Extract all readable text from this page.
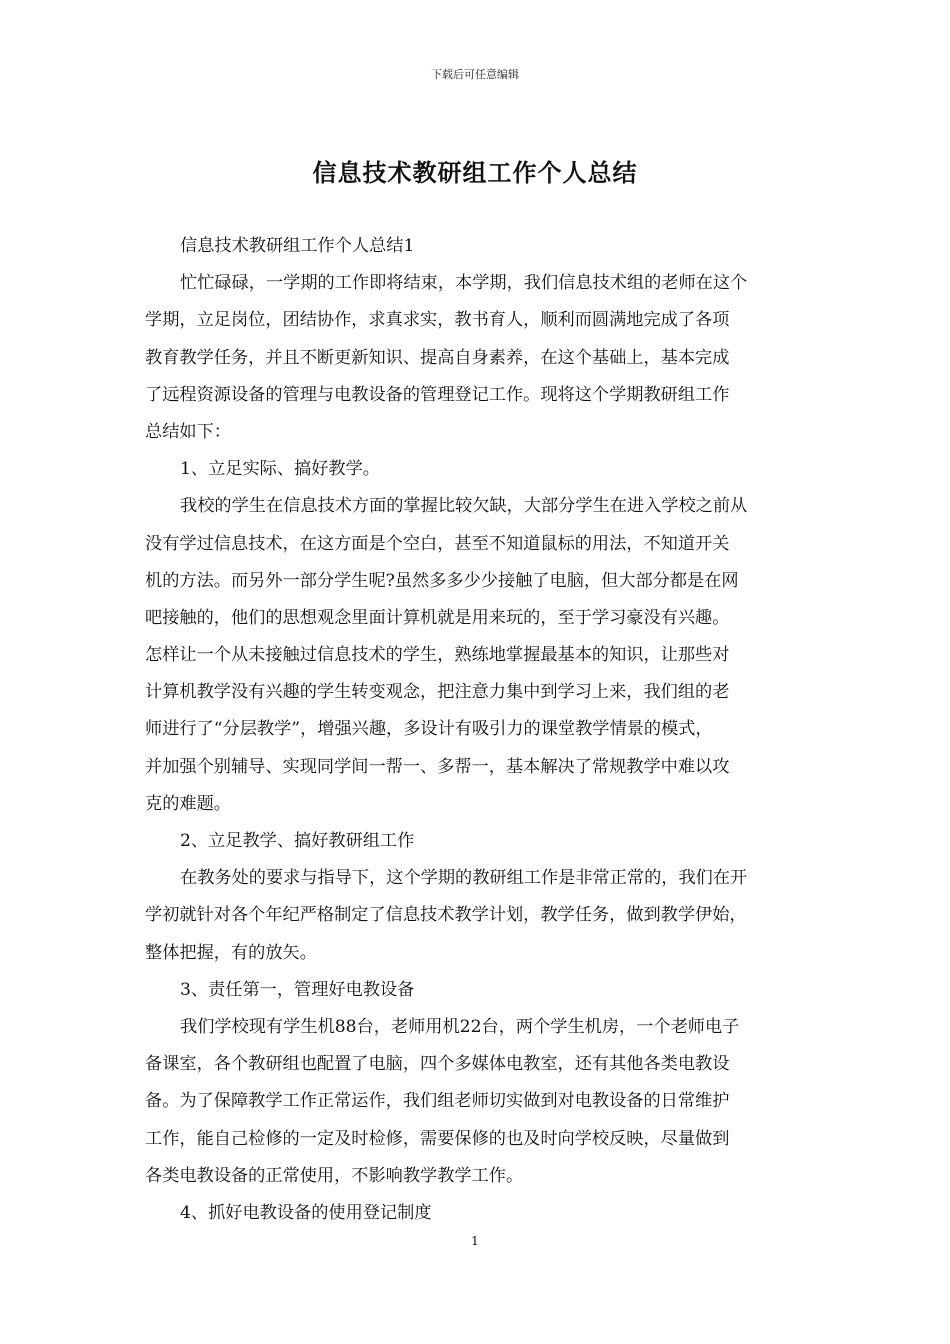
下载后可任意编辑
信息技术教研组工作个人总结

信息技术教研组工作个人总结1

忙忙碌碌，一学期的工作即将结束，本学期，我们信息技术组的老师在这个

学期，立足岗位，团结协作，求真求实，教书育人，顺利而圆满地完成了各项

教育教学任务，并且不断更新知识、提高自身素养，在这个基础上，基本完成

了远程资源设备的管理与电教设备的管理登记工作。现将这个学期教研组工作

总结如下：

1、立足实际、搞好教学。

我校的学生在信息技术方面的掌握比较欠缺，大部分学生在进入学校之前从

没有学过信息技术，在这方面是个空白，甚至不知道鼠标的用法，不知道开关

机的方法。而另外一部分学生呢?虽然多多少少接触了电脑，但大部分都是在网

吧接触的，他们的思想观念里面计算机就是用来玩的，至于学习豪没有兴趣。

怎样让一个从未接触过信息技术的学生，熟练地掌握最基本的知识，让那些对

计算机教学没有兴趣的学生转变观念，把注意力集中到学习上来，我们组的老

师进行了“分层教学”，增强兴趣，多设计有吸引力的课堂教学情景的模式，

并加强个别辅导、实现同学间一帮一、多帮一，基本解决了常规教学中难以攻

克的难题。

2、立足教学、搞好教研组工作

在教务处的要求与指导下，这个学期的教研组工作是非常正常的，我们在开

学初就针对各个年纪严格制定了信息技术教学计划，教学任务，做到教学伊始，

整体把握，有的放矢。

3、责任第一，管理好电教设备

我们学校现有学生机88台，老师用机22台，两个学生机房，一个老师电子

备课室，各个教研组也配置了电脑，四个多媒体电教室，还有其他各类电教设

备。为了保障教学工作正常运作，我们组老师切实做到对电教设备的日常维护

工作，能自己检修的一定及时检修，需要保修的也及时向学校反映，尽量做到

各类电教设备的正常使用，不影响教学教学工作。

4、抓好电教设备的使用登记制度

1
